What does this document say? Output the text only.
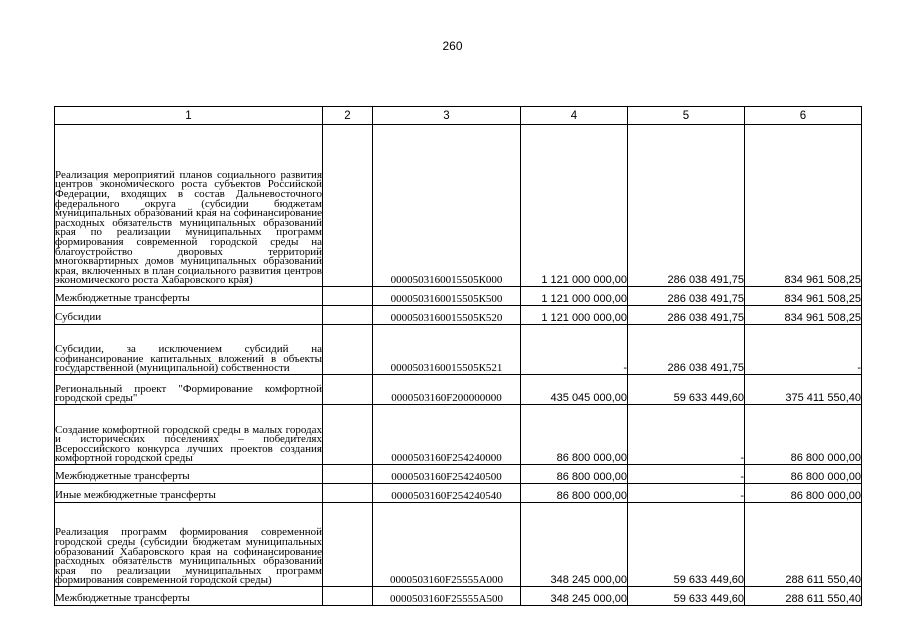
260
1	2	3	4	5	6
Реализация мероприятий планов социального развития центров экономического роста субъектов Российской Федерации, входящих в состав Дальневосточного федерального округа (субсидии бюджетам муниципальных образований края на софинансирование расходных обязательств муниципальных образований края по реализации муниципальных программ формирования современной городской среды на благоустройство дворовых территорий многоквартирных домов муниципальных образований края, включенных в план социального развития центров экономического роста Хабаровского края)		0000503160015505К000	1 121 000 000,00	286 038 491,75	834 961 508,25
Межбюджетные трансферты		0000503160015505К500	1 121 000 000,00	286 038 491,75	834 961 508,25
Субсидии		0000503160015505К520	1 121 000 000,00	286 038 491,75	834 961 508,25
Субсидии, за исключением субсидий на софинансирование капитальных вложений в объекты государственной (муниципальной) собственности		0000503160015505К521	-	286 038 491,75	-
Региональный проект "Формирование комфортной городской среды"		0000503160F200000000	435 045 000,00	59 633 449,60	375 411 550,40
Создание комфортной городской среды в малых городах и исторических поселениях – победителях Всероссийского конкурса лучших проектов создания комфортной городской среды		0000503160F254240000	86 800 000,00	-	86 800 000,00
Межбюджетные трансферты		0000503160F254240500	86 800 000,00	-	86 800 000,00
Иные межбюджетные трансферты		0000503160F254240540	86 800 000,00	-	86 800 000,00
Реализация программ формирования современной городской среды (субсидии бюджетам муниципальных образований Хабаровского края на софинансирование расходных обязательств муниципальных образований края по реализации муниципальных программ формирования современной городской среды)		0000503160F25555А000	348 245 000,00	59 633 449,60	288 611 550,40
Межбюджетные трансферты		0000503160F25555А500	348 245 000,00	59 633 449,60	288 611 550,40
